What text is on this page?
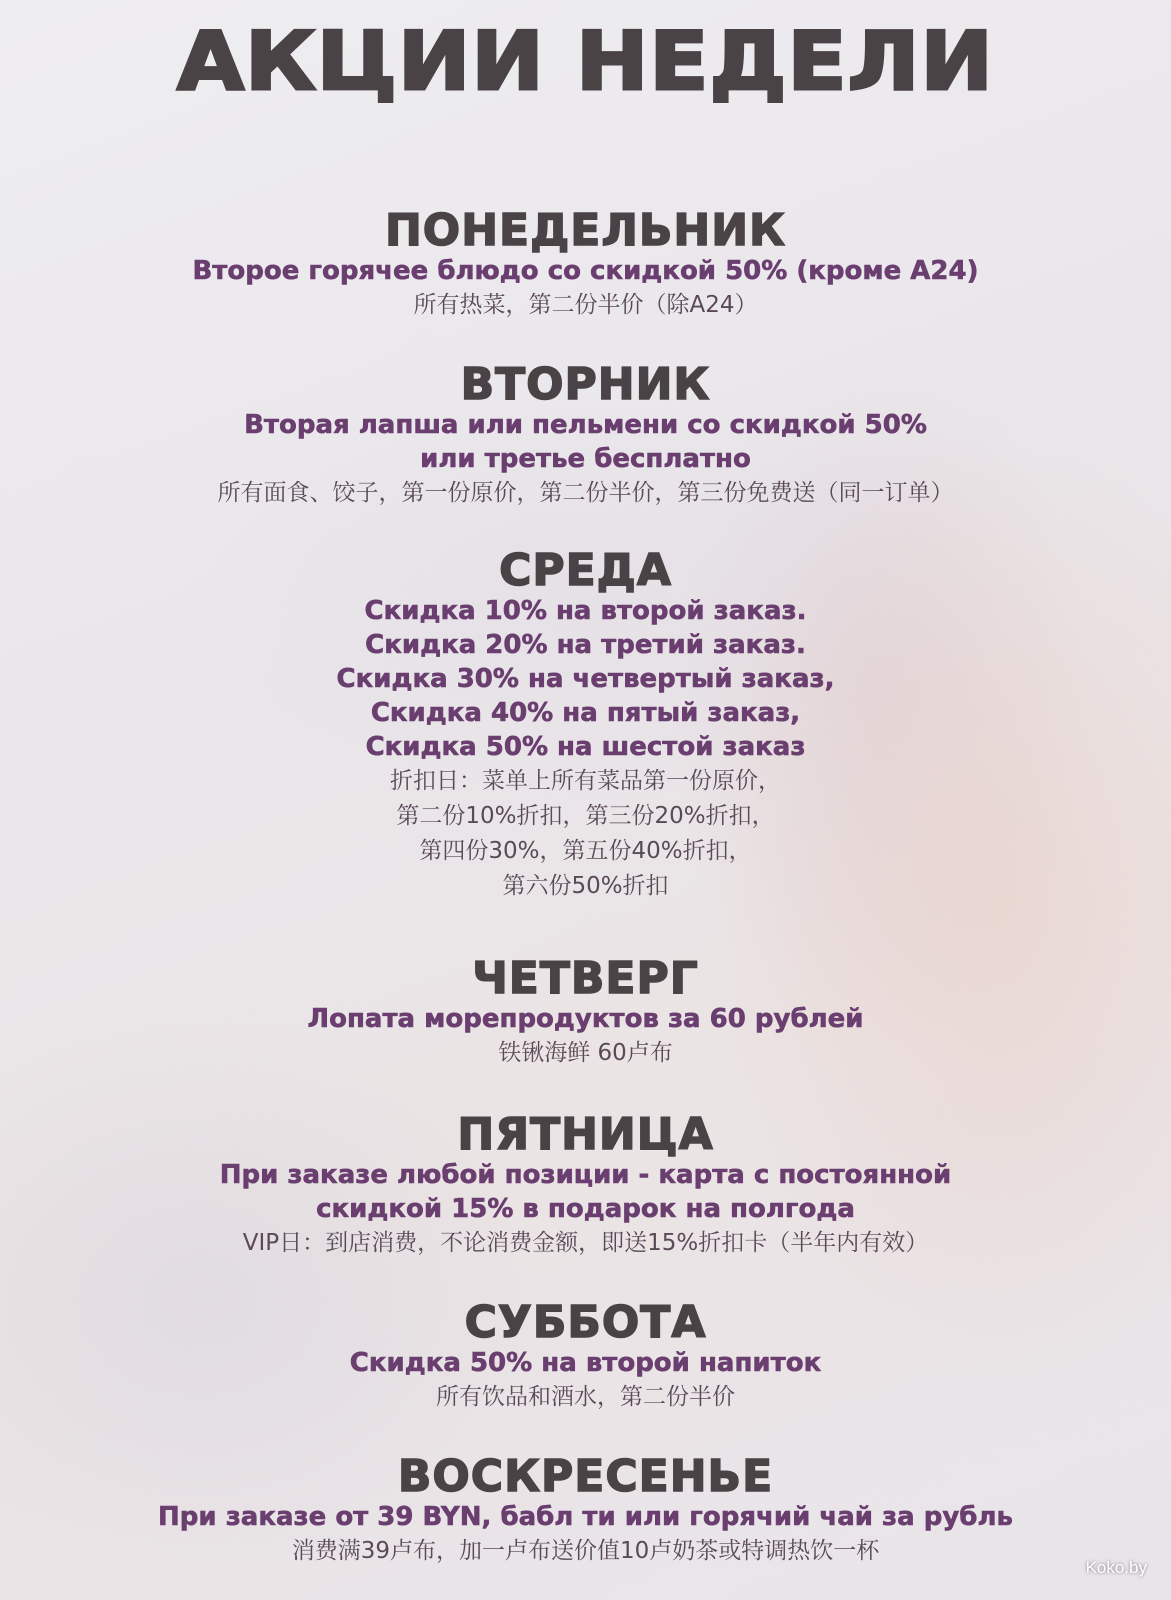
АКЦИИ НЕДЕЛИ
ПОНЕДЕЛЬНИК
Второе горячее блюдо со скидкой 50% (кроме А24)
所有热菜，第二份半价（除A24）
ВТОРНИК
Вторая лапша или пельмени со скидкой 50%
или третье бесплатно
所有面食、饺子，第一份原价，第二份半价，第三份免费送（同一订单）
СРЕДА
Скидка 10% на второй заказ.
Скидка 20% на третий заказ.
Скидка 30% на четвертый заказ,
Скидка 40% на пятый заказ,
Скидка 50% на шестой заказ
折扣日：菜单上所有菜品第一份原价，
第二份10%折扣，第三份20%折扣，
第四份30%，第五份40%折扣，
第六份50%折扣
ЧЕТВЕРГ
Лопата морепродуктов за 60 рублей
铁锹海鲜 60卢布
ПЯТНИЦА
При заказе любой позиции - карта с постоянной
скидкой 15% в подарок на полгода
VIP日：到店消费，不论消费金额，即送15%折扣卡（半年内有效）
СУББОТА
Скидка 50% на второй напиток
所有饮品和酒水，第二份半价
ВОСКРЕСЕНЬЕ
При заказе от 39 BYN, бабл ти или горячий чай за рубль
消费满39卢布，加一卢布送价值10卢奶茶或特调热饮一杯
Koko.by
